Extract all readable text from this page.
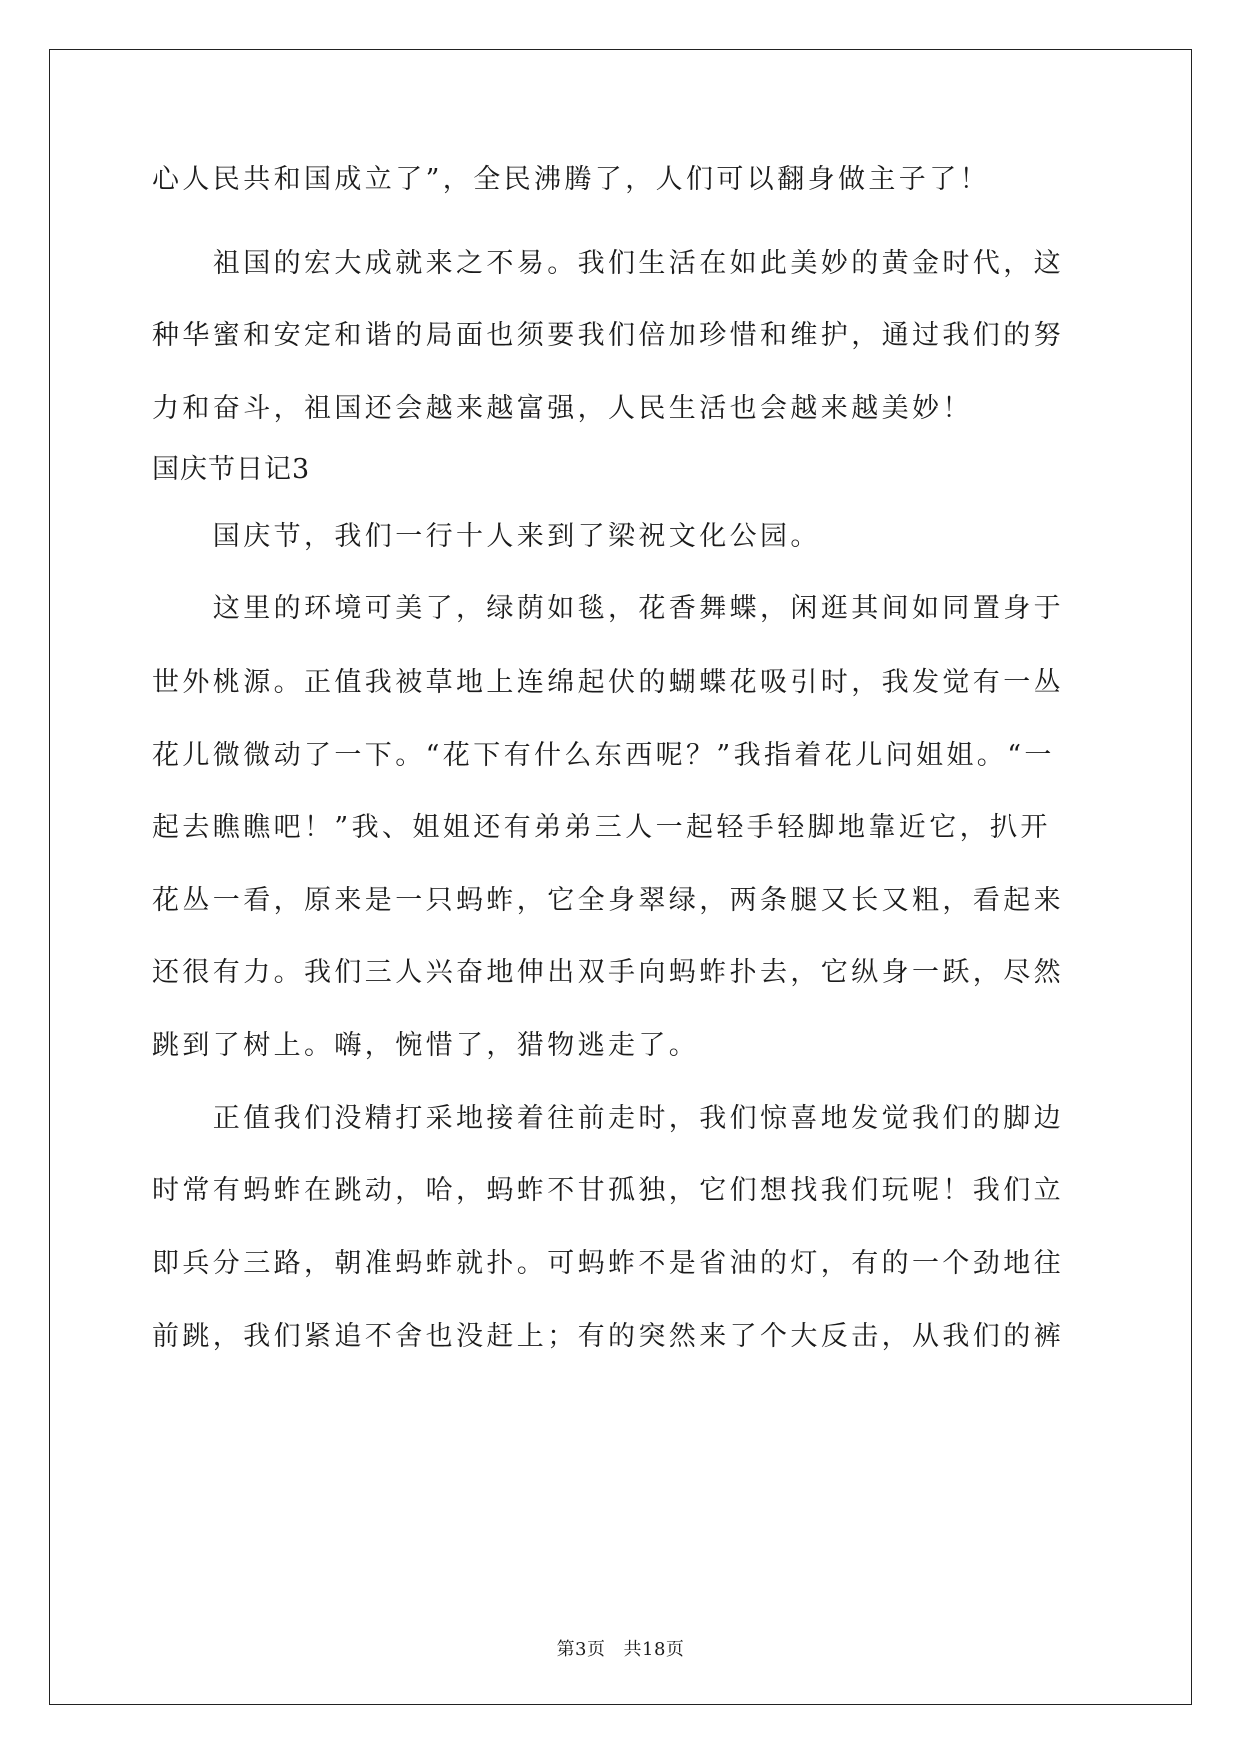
心人民共和国成立了”，全民沸腾了，人们可以翻身做主子了！
　　祖国的宏大成就来之不易。我们生活在如此美妙的黄金时代，这
种华蜜和安定和谐的局面也须要我们倍加珍惜和维护，通过我们的努
力和奋斗，祖国还会越来越富强，人民生活也会越来越美妙！
国庆节日记3
　　国庆节，我们一行十人来到了梁祝文化公园。
　　这里的环境可美了，绿荫如毯，花香舞蝶，闲逛其间如同置身于
世外桃源。正值我被草地上连绵起伏的蝴蝶花吸引时，我发觉有一丛
花儿微微动了一下。“花下有什么东西呢？”我指着花儿问姐姐。“一
起去瞧瞧吧！”我、姐姐还有弟弟三人一起轻手轻脚地靠近它，扒开
花丛一看，原来是一只蚂蚱，它全身翠绿，两条腿又长又粗，看起来
还很有力。我们三人兴奋地伸出双手向蚂蚱扑去，它纵身一跃，尽然
跳到了树上。嗨，惋惜了，猎物逃走了。
　　正值我们没精打采地接着往前走时，我们惊喜地发觉我们的脚边
时常有蚂蚱在跳动，哈，蚂蚱不甘孤独，它们想找我们玩呢！我们立
即兵分三路，朝准蚂蚱就扑。可蚂蚱不是省油的灯，有的一个劲地往
前跳，我们紧追不舍也没赶上；有的突然来了个大反击，从我们的裤
第3页 共18页
